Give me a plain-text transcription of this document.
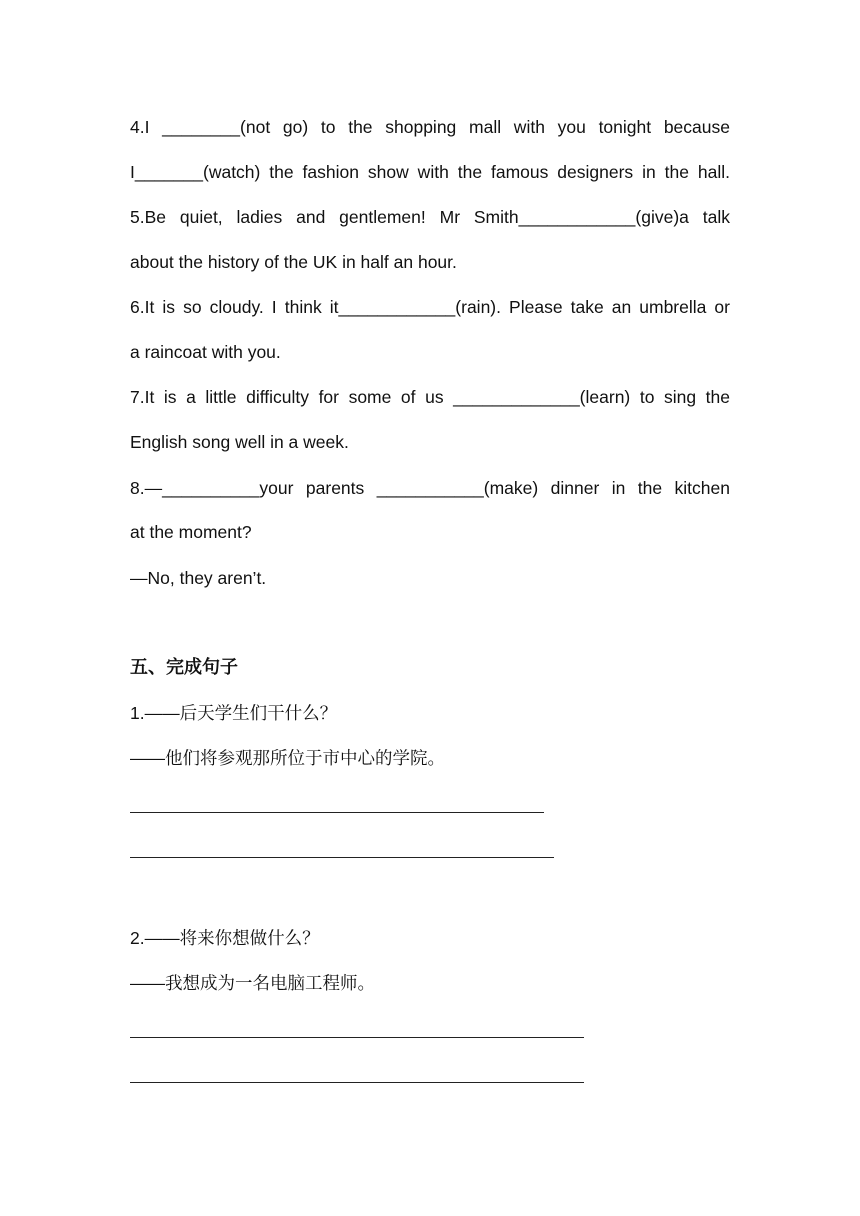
4.I ________(not go) to the shopping mall with you tonight because
I_______(watch) the fashion show with the famous designers in the hall.
5.Be quiet, ladies and gentlemen! Mr Smith____________(give)a talk
about the history of the UK in half an hour.
6.It is so cloudy. I think it____________(rain). Please take an umbrella or
a raincoat with you.
7.It is a little difficulty for some of us _____________(learn) to sing the
English song well in a week.
8.—__________your parents ___________(make) dinner in the kitchen
at the moment?
—No, they aren’t.
五、完成句子
1.——后天学生们干什么？
——他们将参观那所位于市中心的学院。
2.——将来你想做什么？
——我想成为一名电脑工程师。
